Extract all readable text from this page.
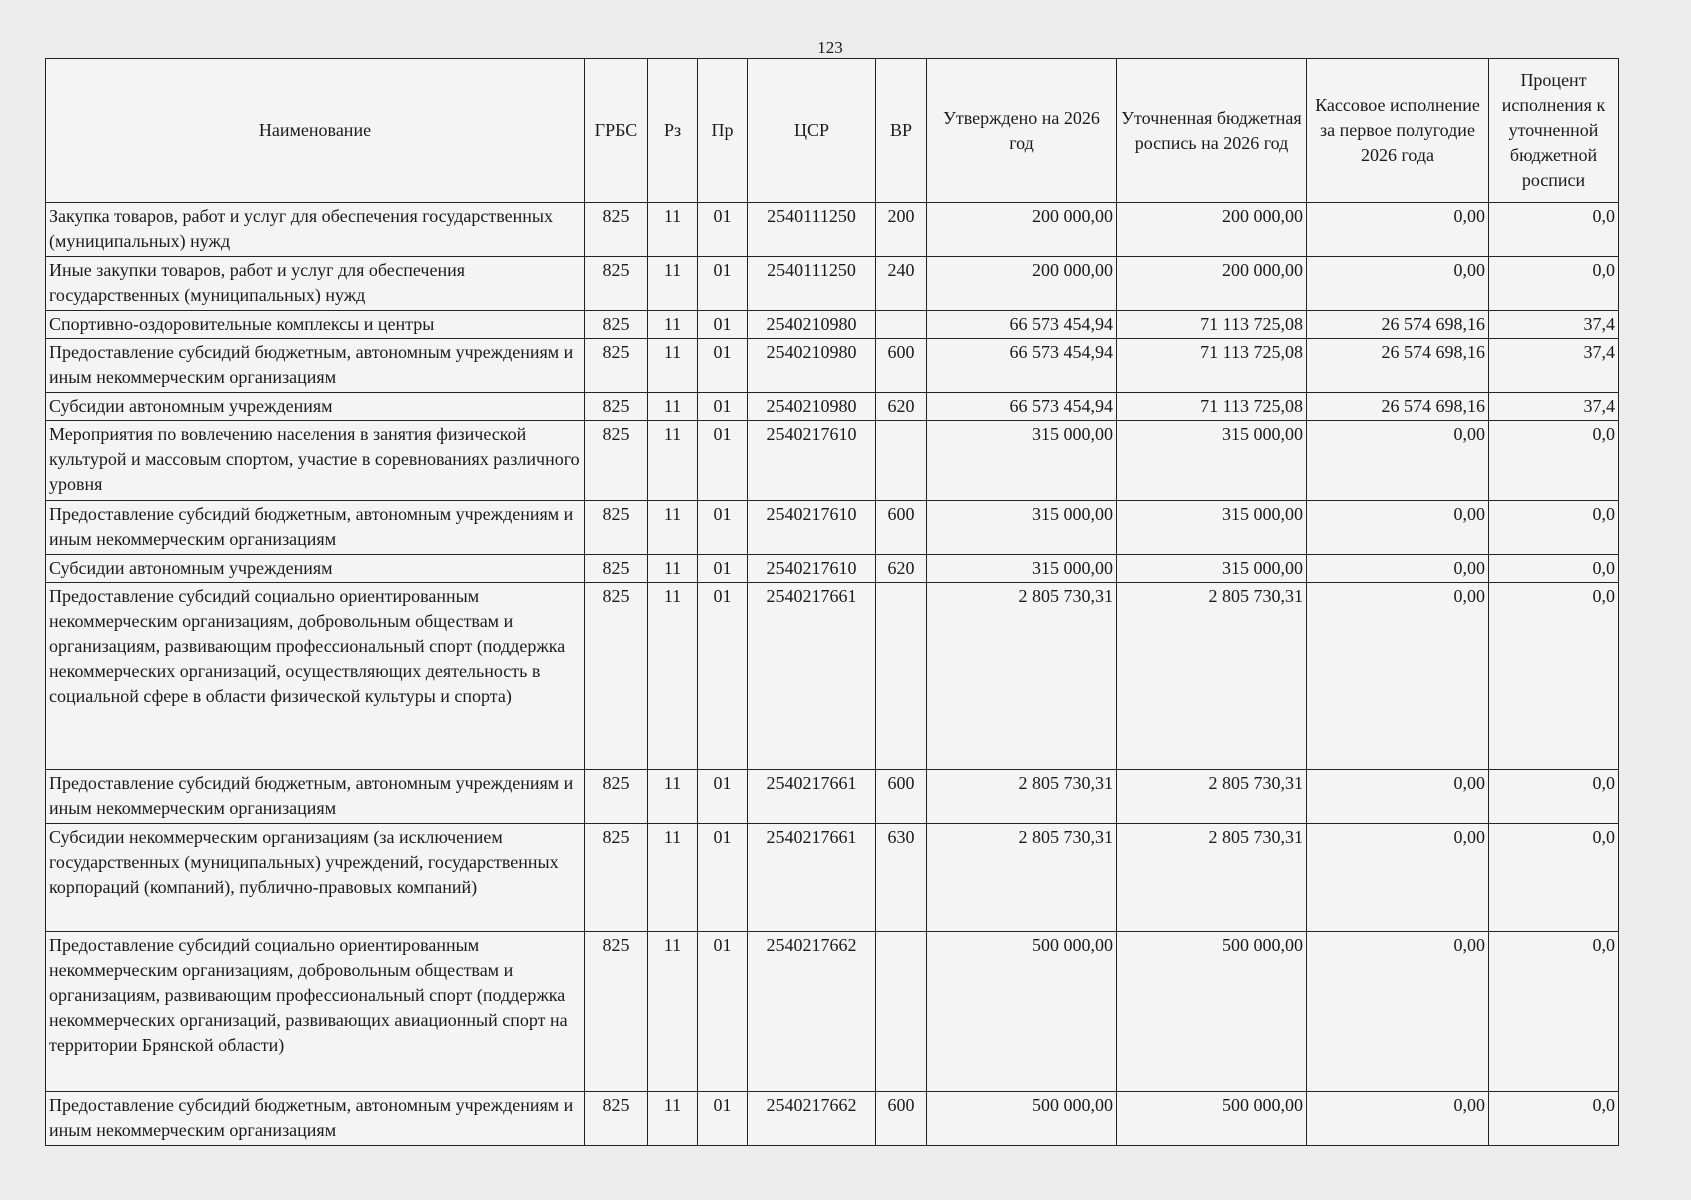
123
Наименование	ГРБС	Рз	Пр	ЦСР	ВР	Утверждено на 2026 год	Уточненная бюджетная роспись на 2026 год	Кассовое исполнение за первое полугодие 2026 года	Процент исполнения к уточненной бюджетной росписи
Закупка товаров, работ и услуг для обеспечения государственных (муниципальных) нужд	825	11	01	2540111250	200	200 000,00	200 000,00	0,00	0,0
Иные закупки товаров, работ и услуг для обеспечения государственных (муниципальных) нужд	825	11	01	2540111250	240	200 000,00	200 000,00	0,00	0,0
Спортивно-оздоровительные комплексы и центры	825	11	01	2540210980		66 573 454,94	71 113 725,08	26 574 698,16	37,4
Предоставление субсидий бюджетным, автономным учреждениям и иным некоммерческим организациям	825	11	01	2540210980	600	66 573 454,94	71 113 725,08	26 574 698,16	37,4
Субсидии автономным учреждениям	825	11	01	2540210980	620	66 573 454,94	71 113 725,08	26 574 698,16	37,4
Мероприятия по вовлечению населения в занятия физической культурой и массовым спортом, участие в соревнованиях различного уровня	825	11	01	2540217610		315 000,00	315 000,00	0,00	0,0
Предоставление субсидий бюджетным, автономным учреждениям и иным некоммерческим организациям	825	11	01	2540217610	600	315 000,00	315 000,00	0,00	0,0
Субсидии автономным учреждениям	825	11	01	2540217610	620	315 000,00	315 000,00	0,00	0,0
Предоставление субсидий социально ориентированным некоммерческим организациям, добровольным обществам и организациям, развивающим профессиональный спорт (поддержка некоммерческих организаций, осуществляющих деятельность в социальной сфере в области физической культуры и спорта)	825	11	01	2540217661		2 805 730,31	2 805 730,31	0,00	0,0
Предоставление субсидий бюджетным, автономным учреждениям и иным некоммерческим организациям	825	11	01	2540217661	600	2 805 730,31	2 805 730,31	0,00	0,0
Субсидии некоммерческим организациям (за исключением государственных (муниципальных) учреждений, государственных корпораций (компаний), публично-правовых компаний)	825	11	01	2540217661	630	2 805 730,31	2 805 730,31	0,00	0,0
Предоставление субсидий социально ориентированным некоммерческим организациям, добровольным обществам и организациям, развивающим профессиональный спорт (поддержка некоммерческих организаций, развивающих авиационный спорт на территории Брянской области)	825	11	01	2540217662		500 000,00	500 000,00	0,00	0,0
Предоставление субсидий бюджетным, автономным учреждениям и иным некоммерческим организациям	825	11	01	2540217662	600	500 000,00	500 000,00	0,00	0,0
